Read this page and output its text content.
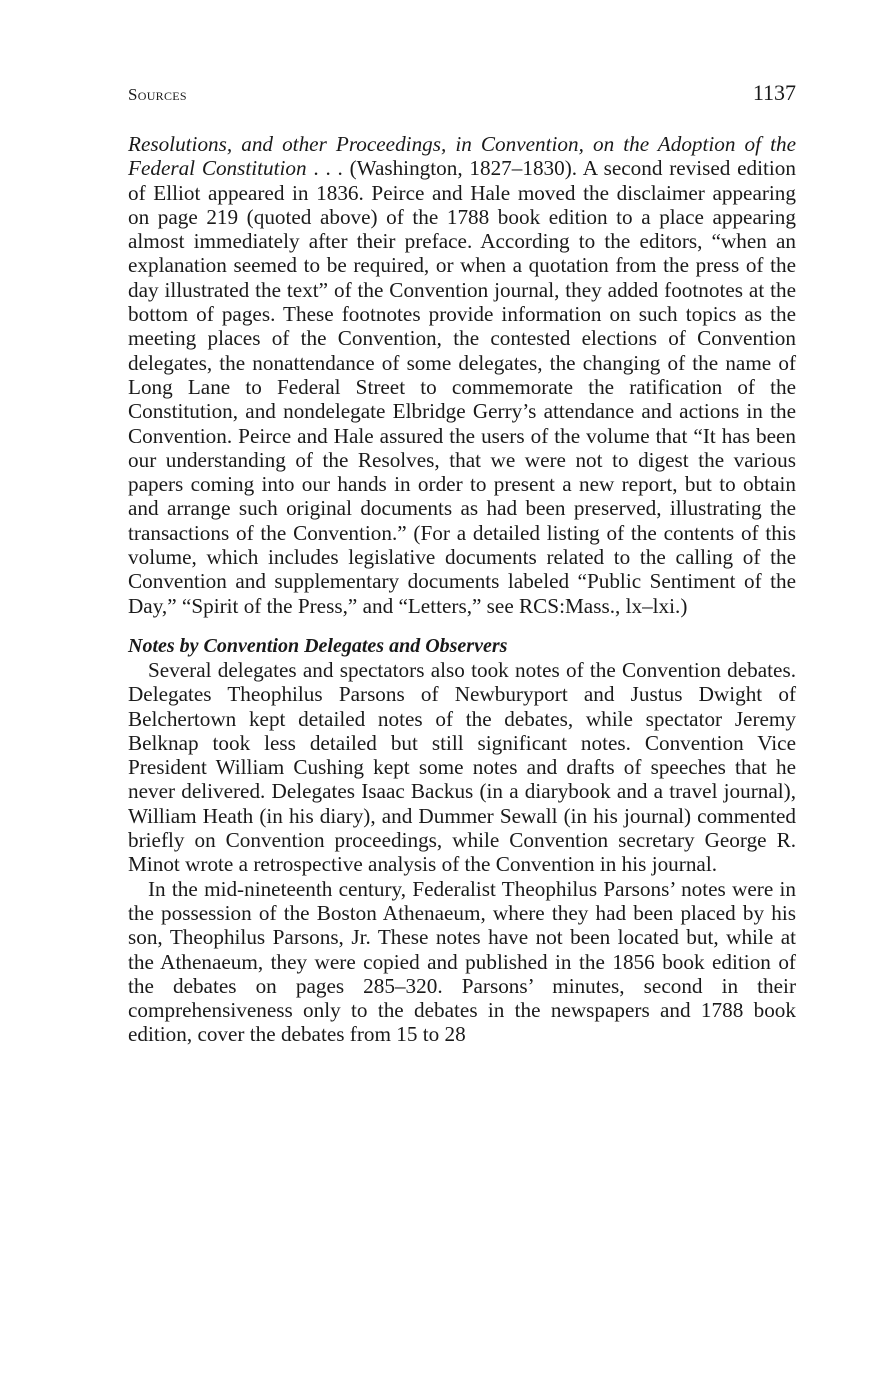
Sources	1137

Resolutions, and other Proceedings, in Convention, on the Adoption of the Federal Constitution . . . (Washington, 1827–1830). A second revised edition of Elliot appeared in 1836. Peirce and Hale moved the disclaimer appearing on page 219 (quoted above) of the 1788 book edition to a place appearing almost immediately after their preface. According to the editors, “when an explanation seemed to be required, or when a quotation from the press of the day illustrated the text” of the Convention journal, they added footnotes at the bottom of pages. These footnotes provide information on such topics as the meeting places of the Convention, the contested elections of Convention delegates, the nonattendance of some delegates, the changing of the name of Long Lane to Federal Street to commemorate the ratification of the Constitution, and nondelegate Elbridge Gerry’s attendance and actions in the Convention. Peirce and Hale assured the users of the volume that “It has been our understanding of the Resolves, that we were not to digest the various papers coming into our hands in order to present a new report, but to obtain and arrange such original documents as had been preserved, illustrating the transactions of the Convention.” (For a detailed listing of the contents of this volume, which includes legislative documents related to the calling of the Convention and supplementary documents labeled “Public Sentiment of the Day,” “Spirit of the Press,” and “Letters,” see RCS:Mass., lx–lxi.)

Notes by Convention Delegates and Observers

Several delegates and spectators also took notes of the Convention debates. Delegates Theophilus Parsons of Newburyport and Justus Dwight of Belchertown kept detailed notes of the debates, while spectator Jeremy Belknap took less detailed but still significant notes. Convention Vice President William Cushing kept some notes and drafts of speeches that he never delivered. Delegates Isaac Backus (in a diarybook and a travel journal), William Heath (in his diary), and Dummer Sewall (in his journal) commented briefly on Convention proceedings, while Convention secretary George R. Minot wrote a retrospective analysis of the Convention in his journal.

In the mid-nineteenth century, Federalist Theophilus Parsons’ notes were in the possession of the Boston Athenaeum, where they had been placed by his son, Theophilus Parsons, Jr. These notes have not been located but, while at the Athenaeum, they were copied and published in the 1856 book edition of the debates on pages 285–320. Parsons’ minutes, second in their comprehensiveness only to the debates in the newspapers and 1788 book edition, cover the debates from 15 to 28
